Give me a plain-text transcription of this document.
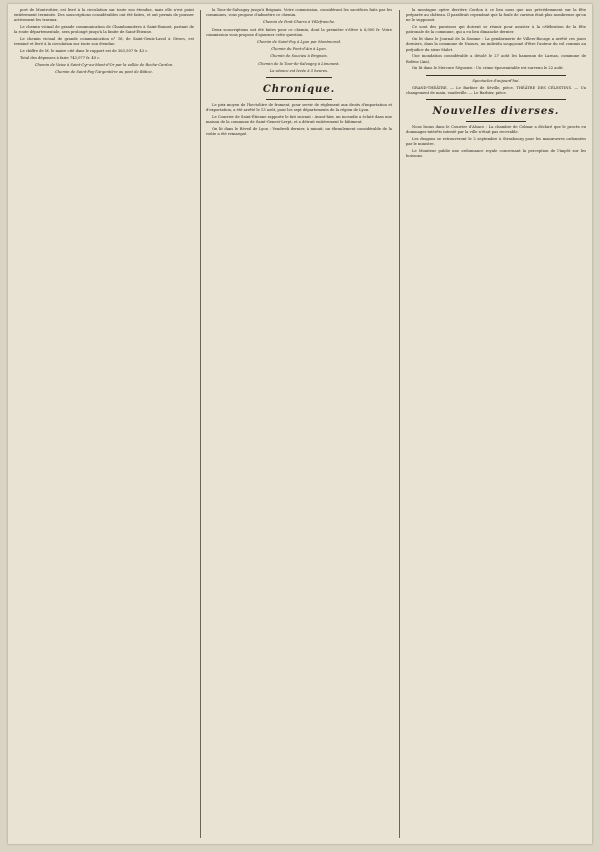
port de Montrottier, est livré à la circulation sur toute son étendue, mais elle n'est point entièrement terminée. Des souscriptions considérables ont été faites, et ont permis de pousser activement les travaux.

Le chemin vicinal de grande communication de Chambonnières à Saint-Bonnet, partant de la route départementale, sera prolongé jusqu'à la limite de Saint-Étienne.

Le chemin vicinal de grande communication n° 16, de Saint-Genis-Laval à Givors, est terminé et livré à la circulation sur toute son étendue.

Le chiffre de M. le maire cité dans le rapport est de 363,507 fr. 43 c.

Total des dépenses à faire 743,077 fr. 40 c.

Chemin de Vaise à Saint-Cyr-au-Mont-d'Or par la vallée de Roche-Cardon.

Chemin de Saint-Foy-l'Argentière au pont de Bâtice.

la Tour-de-Salvagny jusqu'à Brignais. Votre commission, considérant les sacrifices faits par les communes, vous propose d'admettre ce chemin.

Chemin de Pont-Charra à Villefranche.

Deux souscriptions ont été faites pour ce chemin, dont la première s'élève à 6,000 fr. Votre commission vous propose d'ajourner cette question.

Chemin de Saint-Foy à Lyon par Montmorod.

Chemin du Pont-d'Ain à Lyon.

Chemin de Soucieu à Brignais.

Chemin de la Tour-de-Salvagny à Limonest.

La séance est levée à 5 heures.

Chronique.

Le prix moyen de l'hectolitre de froment, pour servir de règlement aux droits d'importation et d'exportation, a été arrêté le 13 août, pour les sept départements de la région de Lyon.

Le Courrier de Saint-Étienne rapporte le fait suivant : Avant-hier, un incendie a éclaté dans une maison de la commune de Saint-Genest-Lerpt, et a détruit entièrement le bâtiment.

On lit dans le Réveil de Lyon : Vendredi dernier, à minuit, un ébranlement considérable de la voûte a été remarqué.

la montagne opère derrière Cordon à ce lieu nous que nos précédemment sur la fête préparée au château. Il paraîtrait cependant que la foule de curieux était plus nombreuse qu'on ne le supposait.

Ce sont des paroisses qui doivent se réunir pour assister à la célébration de la fête patronale de la commune, qui a eu lieu dimanche dernier.

On lit dans le Journal de la Somme : La gendarmerie de Villers-Bocage a arrêté ces jours derniers, dans la commune de Naours, un individu soupçonné d'être l'auteur du vol commis au préjudice du sieur Malet.

Une inondation considérable a désolé le 27 août les hameaux de Larnas, commune de Bolène (Ain).

On lit dans le Mercure Ségusien : Un crime épouvantable est survenu le 22 août.

Spectacles d'aujourd'hui.

GRAND-THÉÂTRE. — Le Barbier de Séville, pièce. THÉÂTRE DES CÉLESTINS. — Un changement de main, vaudeville. — Le Barbier, pièce.

Nouvelles diverses.

Nous lisons dans le Courrier d'Alsace : La chambre de Colmar a déclaré que le procès en dommages-intérêts intenté par la ville n'était pas recevable.

Les dragons se retrouveront le 2 septembre à Strasbourg pour les manœuvres ordonnées par le ministre.

Le Moniteur publie une ordonnance royale concernant la perception de l'impôt sur les boissons.
